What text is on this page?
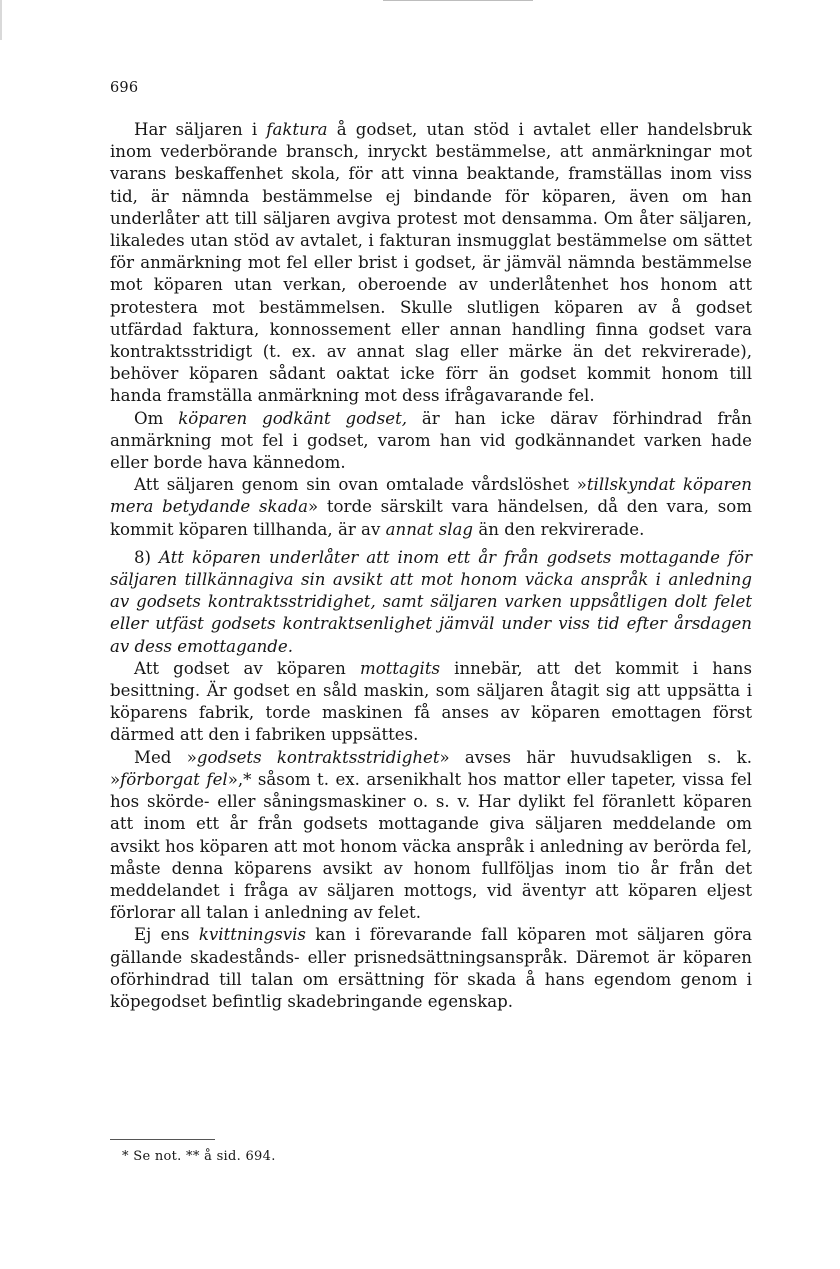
696

Har säljaren i faktura å godset, utan stöd i avtalet eller handelsbruk inom vederbörande bransch, inryckt bestämmelse, att anmärkningar mot varans beskaffenhet skola, för att vinna beaktande, framställas inom viss tid, är nämnda bestämmelse ej bindande för köparen, även om han underlåter att till säljaren avgiva protest mot densamma. Om åter säljaren, likaledes utan stöd av avtalet, i fakturan insmugglat bestämmelse om sättet för anmärkning mot fel eller brist i godset, är jämväl nämnda bestämmelse mot köparen utan verkan, oberoende av underlåtenhet hos honom att protestera mot bestämmelsen. Skulle slutligen köparen av å godset utfärdad faktura, konnossement eller annan handling finna godset vara kontraktsstridigt (t. ex. av annat slag eller märke än det rekvirerade), behöver köparen sådant oaktat icke förr än godset kommit honom till handa framställa anmärkning mot dess ifrågavarande fel.

Om köparen godkänt godset, är han icke därav förhindrad från anmärkning mot fel i godset, varom han vid godkännandet varken hade eller borde hava kännedom.

Att säljaren genom sin ovan omtalade vårdslöshet »tillskyndat köparen mera betydande skada» torde särskilt vara händelsen, då den vara, som kommit köparen tillhanda, är av annat slag än den rekvirerade.

8) Att köparen underlåter att inom ett år från godsets mottagande för säljaren tillkännagiva sin avsikt att mot honom väcka anspråk i anledning av godsets kontraktsstridighet, samt säljaren varken uppsåtligen dolt felet eller utfäst godsets kontraktsenlighet jämväl under viss tid efter årsdagen av dess emottagande.

Att godset av köparen mottagits innebär, att det kommit i hans besittning. Är godset en såld maskin, som säljaren åtagit sig att uppsätta i köparens fabrik, torde maskinen få anses av köparen emottagen först därmed att den i fabriken uppsättes.

Med »godsets kontraktsstridighet» avses här huvudsakligen s. k. »förborgat fel»,* såsom t. ex. arsenikhalt hos mattor eller tapeter, vissa fel hos skörde- eller såningsmaskiner o. s. v. Har dylikt fel föranlett köparen att inom ett år från godsets mottagande giva säljaren meddelande om avsikt hos köparen att mot honom väcka anspråk i anledning av berörda fel, måste denna köparens avsikt av honom fullföljas inom tio år från det meddelandet i fråga av säljaren mottogs, vid äventyr att köparen eljest förlorar all talan i anledning av felet.

Ej ens kvittningsvis kan i förevarande fall köparen mot säljaren göra gällande skadestånds- eller prisnedsättningsanspråk. Däremot är köparen oförhindrad till talan om ersättning för skada å hans egendom genom i köpegodset befintlig skadebringande egenskap.

* Se not. ** å sid. 694.
